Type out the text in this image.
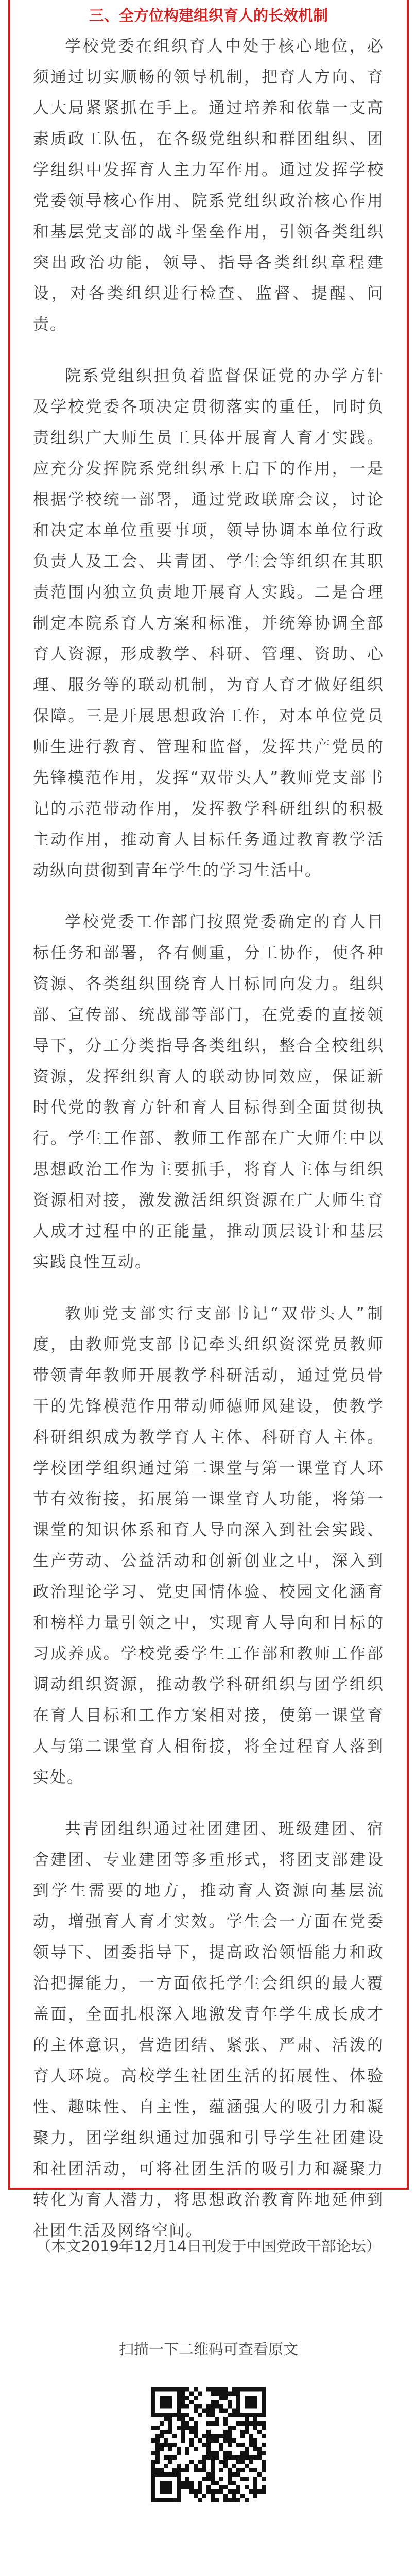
三、全方位构建组织育人的长效机制

学校党委在组织育人中处于核心地位，必须通过切实顺畅的领导机制，把育人方向、育人大局紧紧抓在手上。通过培养和依靠一支高素质政工队伍，在各级党组织和群团组织、团学组织中发挥育人主力军作用。通过发挥学校党委领导核心作用、院系党组织政治核心作用和基层党支部的战斗堡垒作用，引领各类组织突出政治功能，领导、指导各类组织章程建设，对各类组织进行检查、监督、提醒、问责。

院系党组织担负着监督保证党的办学方针及学校党委各项决定贯彻落实的重任，同时负责组织广大师生员工具体开展育人育才实践。应充分发挥院系党组织承上启下的作用，一是根据学校统一部署，通过党政联席会议，讨论和决定本单位重要事项，领导协调本单位行政负责人及工会、共青团、学生会等组织在其职责范围内独立负责地开展育人实践。二是合理制定本院系育人方案和标准，并统筹协调全部育人资源，形成教学、科研、管理、资助、心理、服务等的联动机制，为育人育才做好组织保障。三是开展思想政治工作，对本单位党员师生进行教育、管理和监督，发挥共产党员的先锋模范作用，发挥“双带头人”教师党支部书记的示范带动作用，发挥教学科研组织的积极主动作用，推动育人目标任务通过教育教学活动纵向贯彻到青年学生的学习生活中。

学校党委工作部门按照党委确定的育人目标任务和部署，各有侧重，分工协作，使各种资源、各类组织围绕育人目标同向发力。组织部、宣传部、统战部等部门，在党委的直接领导下，分工分类指导各类组织，整合全校组织资源，发挥组织育人的联动协同效应，保证新时代党的教育方针和育人目标得到全面贯彻执行。学生工作部、教师工作部在广大师生中以思想政治工作为主要抓手，将育人主体与组织资源相对接，激发激活组织资源在广大师生育人成才过程中的正能量，推动顶层设计和基层实践良性互动。

教师党支部实行支部书记“双带头人”制度，由教师党支部书记牵头组织资深党员教师带领青年教师开展教学科研活动，通过党员骨干的先锋模范作用带动师德师风建设，使教学科研组织成为教学育人主体、科研育人主体。学校团学组织通过第二课堂与第一课堂育人环节有效衔接，拓展第一课堂育人功能，将第一课堂的知识体系和育人导向深入到社会实践、生产劳动、公益活动和创新创业之中，深入到政治理论学习、党史国情体验、校园文化涵育和榜样力量引领之中，实现育人导向和目标的习成养成。学校党委学生工作部和教师工作部调动组织资源，推动教学科研组织与团学组织在育人目标和工作方案相对接，使第一课堂育人与第二课堂育人相衔接，将全过程育人落到实处。

共青团组织通过社团建团、班级建团、宿舍建团、专业建团等多重形式，将团支部建设到学生需要的地方，推动育人资源向基层流动，增强育人育才实效。学生会一方面在党委领导下、团委指导下，提高政治领悟能力和政治把握能力，一方面依托学生会组织的最大覆盖面，全面扎根深入地激发青年学生成长成才的主体意识，营造团结、紧张、严肃、活泼的育人环境。高校学生社团生活的拓展性、体验性、趣味性、自主性，蕴涵强大的吸引力和凝聚力，团学组织通过加强和引导学生社团建设和社团活动，可将社团生活的吸引力和凝聚力转化为育人潜力，将思想政治教育阵地延伸到社团生活及网络空间。

（本文2019年12月14日刊发于中国党政干部论坛）
扫描一下二维码可查看原文
